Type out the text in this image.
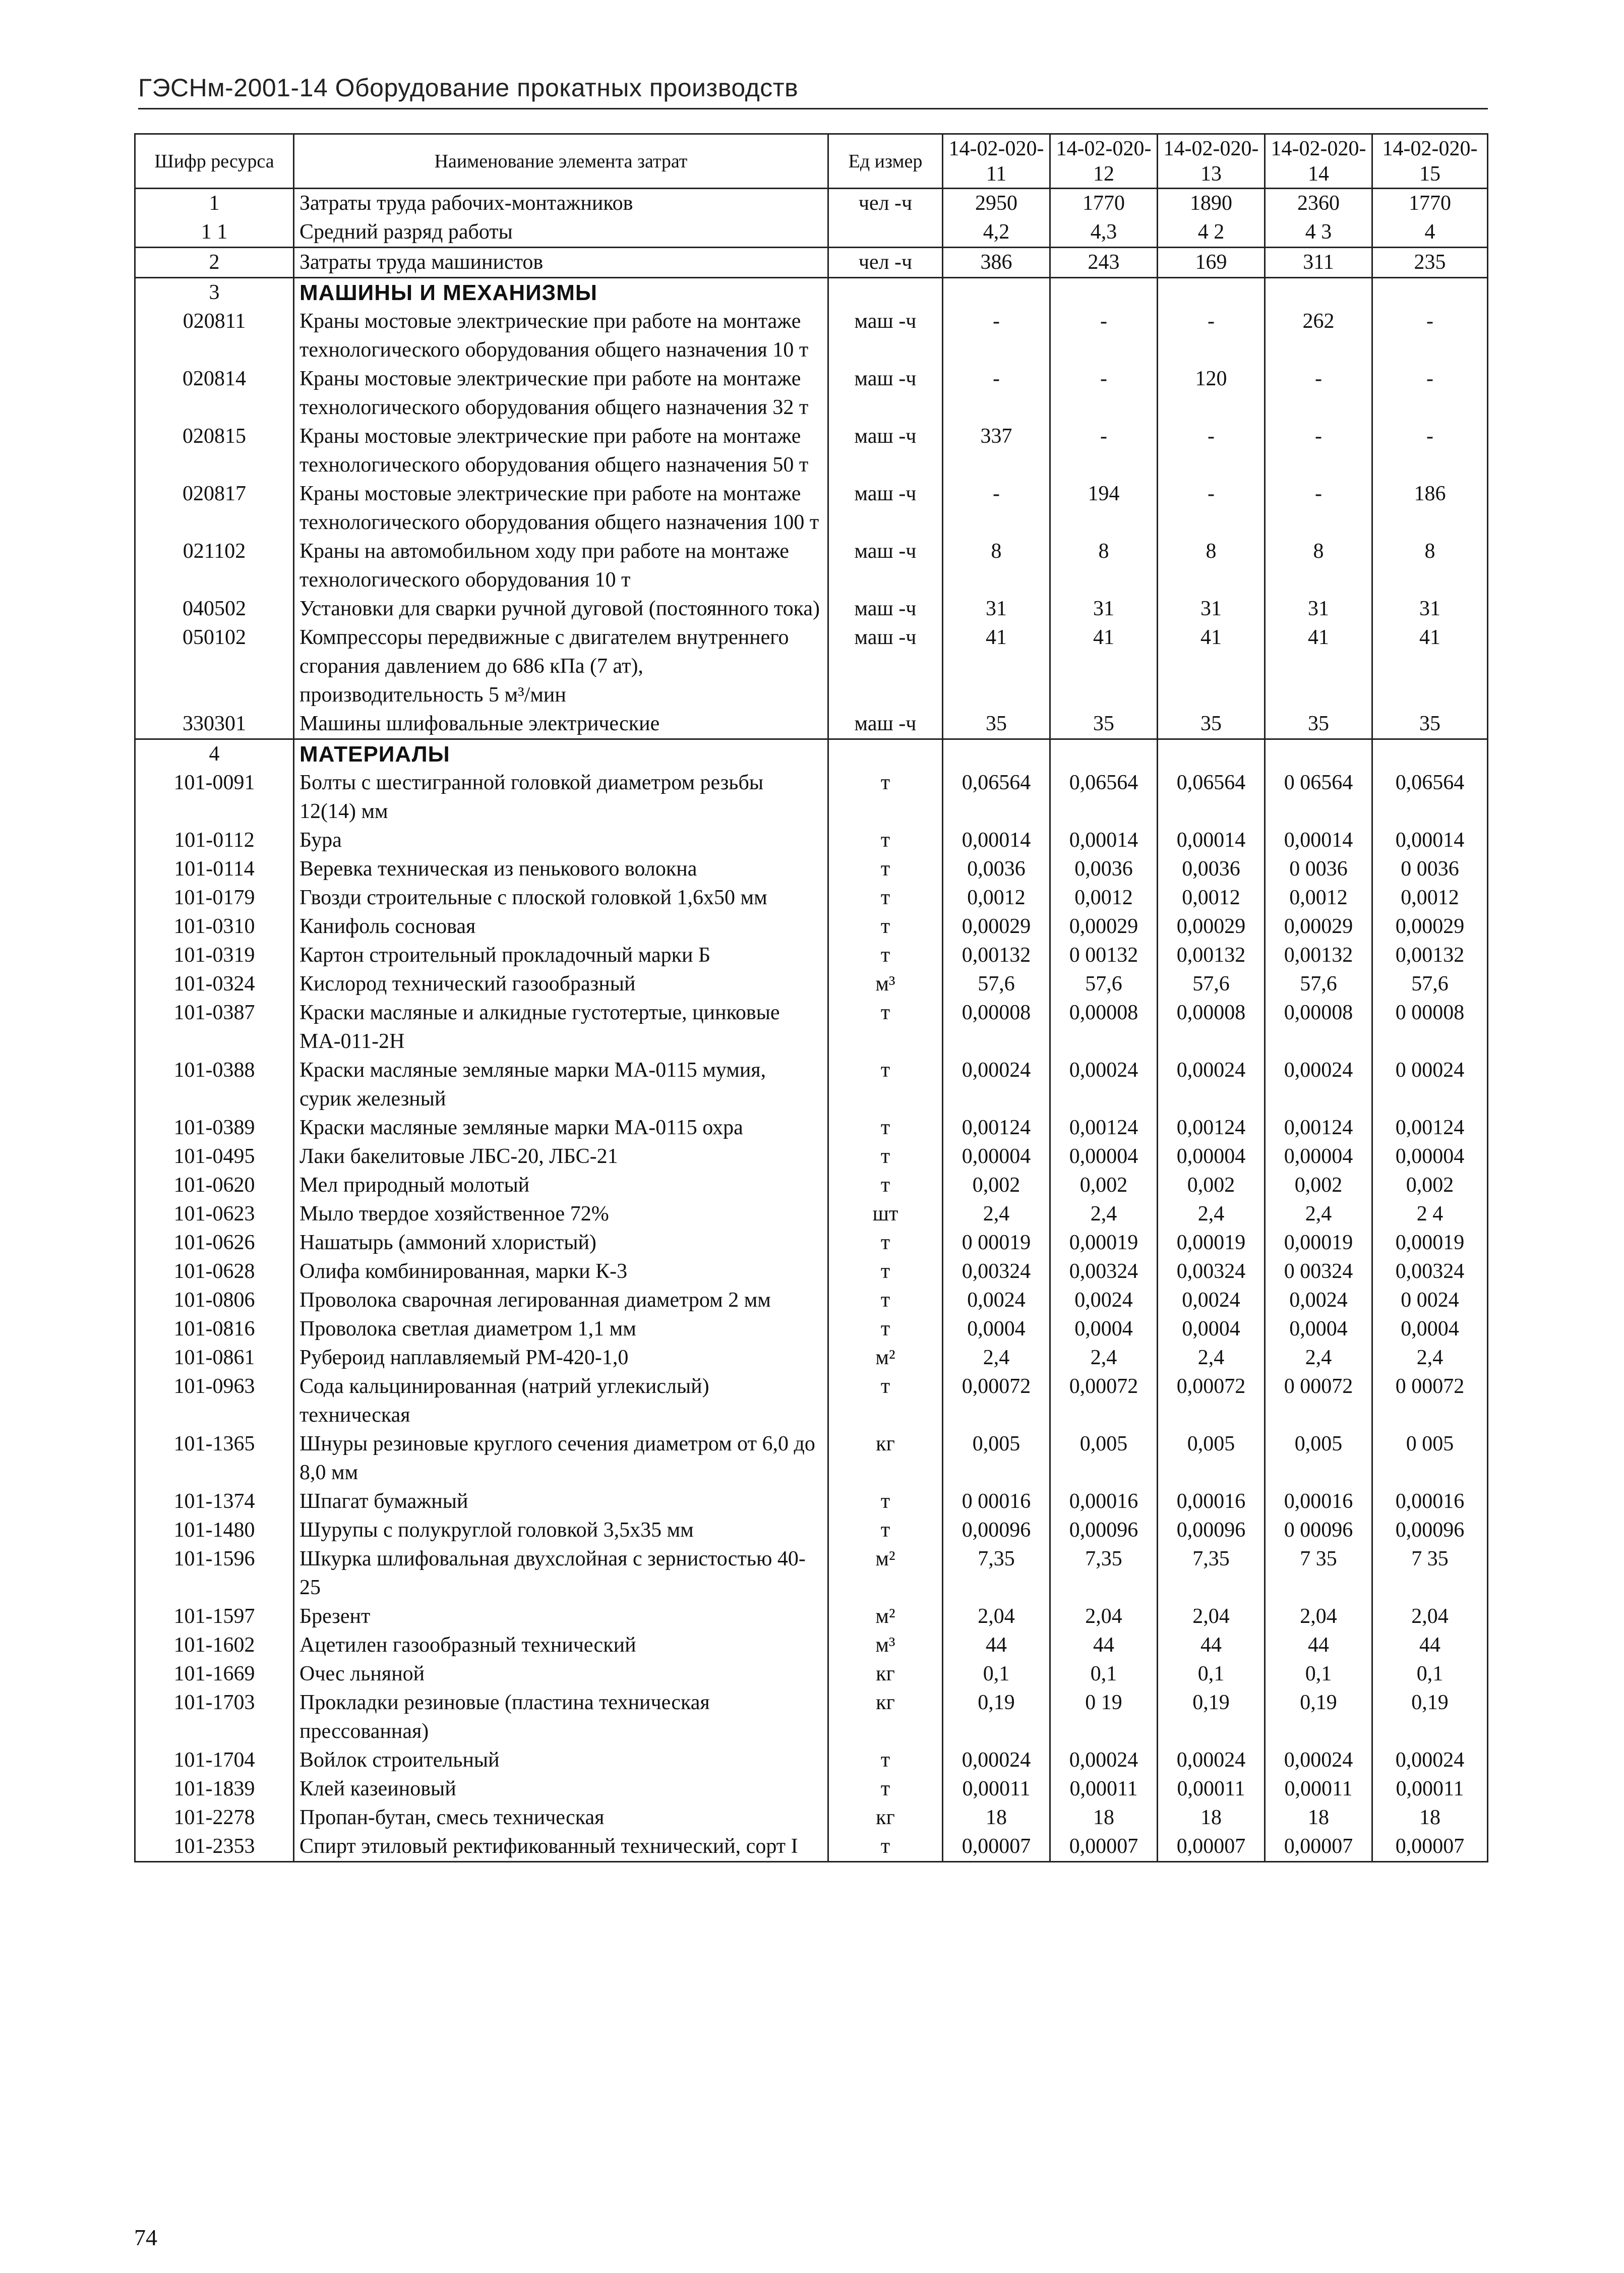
ГЭСНм-2001-14 Оборудование прокатных производств
Шифр ресурса	Наименование элемента затрат	Ед измер	14-02-020-11	14-02-020-12	14-02-020-13	14-02-020-14	14-02-020-15
1	Затраты труда рабочих-монтажников	чел -ч	2950	1770	1890	2360	1770
1 1	Средний разряд работы		4,2	4,3	4 2	4 3	4
2	Затраты труда машинистов	чел -ч	386	243	169	311	235
3	МАШИНЫ И МЕХАНИЗМЫ						
020811	Краны мостовые электрические при работе на монтаже технологического оборудования общего назначения 10 т	маш -ч	-	-	-	262	-
020814	Краны мостовые электрические при работе на монтаже технологического оборудования общего назначения 32 т	маш -ч	-	-	120	-	-
020815	Краны мостовые электрические при работе на монтаже технологического оборудования общего назначения 50 т	маш -ч	337	-	-	-	-
020817	Краны мостовые электрические при работе на монтаже технологического оборудования общего назначения 100 т	маш -ч	-	194	-	-	186
021102	Краны на автомобильном ходу при работе на монтаже технологического оборудования 10 т	маш -ч	8	8	8	8	8
040502	Установки для сварки ручной дуговой (постоянного тока)	маш -ч	31	31	31	31	31
050102	Компрессоры передвижные с двигателем внутреннего сгорания давлением до 686 кПа (7 ат), производительность 5 м³/мин	маш -ч	41	41	41	41	41
330301	Машины шлифовальные электрические	маш -ч	35	35	35	35	35
4	МАТЕРИАЛЫ						
101-0091	Болты с шестигранной головкой диаметром резьбы 12(14) мм	т	0,06564	0,06564	0,06564	0 06564	0,06564
101-0112	Бура	т	0,00014	0,00014	0,00014	0,00014	0,00014
101-0114	Веревка техническая из пенькового волокна	т	0,0036	0,0036	0,0036	0 0036	0 0036
101-0179	Гвозди строительные с плоской головкой 1,6х50 мм	т	0,0012	0,0012	0,0012	0,0012	0,0012
101-0310	Канифоль сосновая	т	0,00029	0,00029	0,00029	0,00029	0,00029
101-0319	Картон строительный прокладочный марки Б	т	0,00132	0 00132	0,00132	0,00132	0,00132
101-0324	Кислород технический газообразный	м³	57,6	57,6	57,6	57,6	57,6
101-0387	Краски масляные и алкидные густотертые, цинковые МА-011-2Н	т	0,00008	0,00008	0,00008	0,00008	0 00008
101-0388	Краски масляные земляные марки МА-0115 мумия, сурик железный	т	0,00024	0,00024	0,00024	0,00024	0 00024
101-0389	Краски масляные земляные марки МА-0115 охра	т	0,00124	0,00124	0,00124	0,00124	0,00124
101-0495	Лаки бакелитовые ЛБС-20, ЛБС-21	т	0,00004	0,00004	0,00004	0,00004	0,00004
101-0620	Мел природный молотый	т	0,002	0,002	0,002	0,002	0,002
101-0623	Мыло твердое хозяйственное 72%	шт	2,4	2,4	2,4	2,4	2 4
101-0626	Нашатырь (аммоний хлористый)	т	0 00019	0,00019	0,00019	0,00019	0,00019
101-0628	Олифа комбинированная, марки К-3	т	0,00324	0,00324	0,00324	0 00324	0,00324
101-0806	Проволока сварочная легированная диаметром 2 мм	т	0,0024	0,0024	0,0024	0,0024	0 0024
101-0816	Проволока светлая диаметром 1,1 мм	т	0,0004	0,0004	0,0004	0,0004	0,0004
101-0861	Рубероид наплавляемый РМ-420-1,0	м²	2,4	2,4	2,4	2,4	2,4
101-0963	Сода кальцинированная (натрий углекислый) техническая	т	0,00072	0,00072	0,00072	0 00072	0 00072
101-1365	Шнуры резиновые круглого сечения диаметром от 6,0 до 8,0 мм	кг	0,005	0,005	0,005	0,005	0 005
101-1374	Шпагат бумажный	т	0 00016	0,00016	0,00016	0,00016	0,00016
101-1480	Шурупы с полукруглой головкой 3,5х35 мм	т	0,00096	0,00096	0,00096	0 00096	0,00096
101-1596	Шкурка шлифовальная двухслойная с зернистостью 40-25	м²	7,35	7,35	7,35	7 35	7 35
101-1597	Брезент	м²	2,04	2,04	2,04	2,04	2,04
101-1602	Ацетилен газообразный технический	м³	44	44	44	44	44
101-1669	Очес льняной	кг	0,1	0,1	0,1	0,1	0,1
101-1703	Прокладки резиновые (пластина техническая прессованная)	кг	0,19	0 19	0,19	0,19	0,19
101-1704	Войлок строительный	т	0,00024	0,00024	0,00024	0,00024	0,00024
101-1839	Клей казеиновый	т	0,00011	0,00011	0,00011	0,00011	0,00011
101-2278	Пропан-бутан, смесь техническая	кг	18	18	18	18	18
101-2353	Спирт этиловый ректификованный технический, сорт I	т	0,00007	0,00007	0,00007	0,00007	0,00007
74
